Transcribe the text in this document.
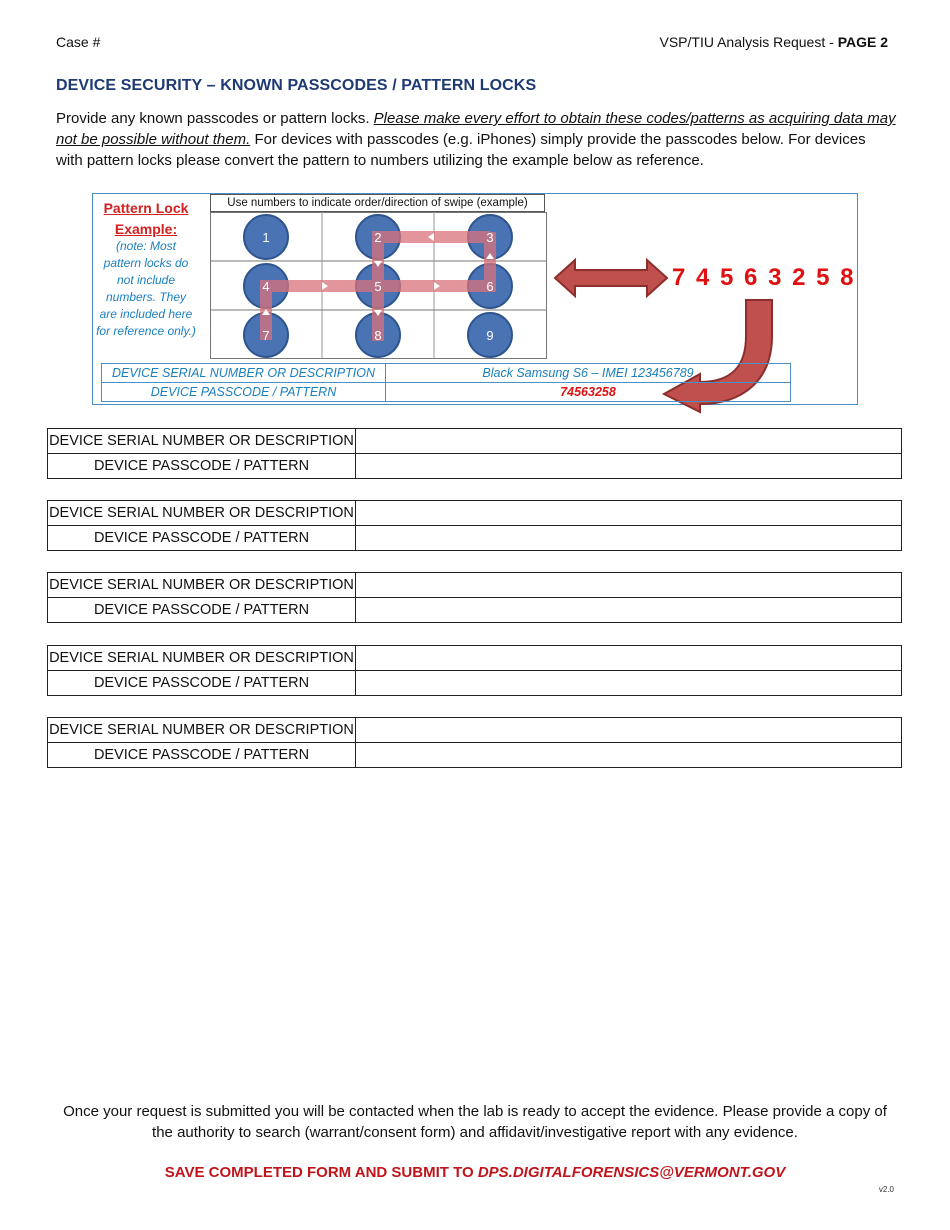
Case #	VSP/TIU Analysis Request - PAGE 2
DEVICE SECURITY – KNOWN PASSCODES / PATTERN LOCKS
Provide any known passcodes or pattern locks. Please make every effort to obtain these codes/patterns as acquiring data may not be possible without them. For devices with passcodes (e.g. iPhones) simply provide the passcodes below. For devices with pattern locks please convert the pattern to numbers utilizing the example below as reference.
Pattern Lock
Example:
(note: Most pattern locks do not include numbers. They are included here for reference only.)
Use numbers to indicate order/direction of swipe (example)
1	2	3
4	5	6
7	8	9
7 4 5 6 3 2 5 8
DEVICE SERIAL NUMBER OR DESCRIPTION	Black Samsung S6 – IMEI 123456789
DEVICE PASSCODE / PATTERN	74563258
DEVICE SERIAL NUMBER OR DESCRIPTION	
DEVICE PASSCODE / PATTERN	
DEVICE SERIAL NUMBER OR DESCRIPTION	
DEVICE PASSCODE / PATTERN	
DEVICE SERIAL NUMBER OR DESCRIPTION	
DEVICE PASSCODE / PATTERN	
DEVICE SERIAL NUMBER OR DESCRIPTION	
DEVICE PASSCODE / PATTERN	
DEVICE SERIAL NUMBER OR DESCRIPTION	
DEVICE PASSCODE / PATTERN	
Once your request is submitted you will be contacted when the lab is ready to accept the evidence. Please provide a copy of the authority to search (warrant/consent form) and affidavit/investigative report with any evidence.
SAVE COMPLETED FORM AND SUBMIT TO DPS.DIGITALFORENSICS@VERMONT.GOV
v2.0
